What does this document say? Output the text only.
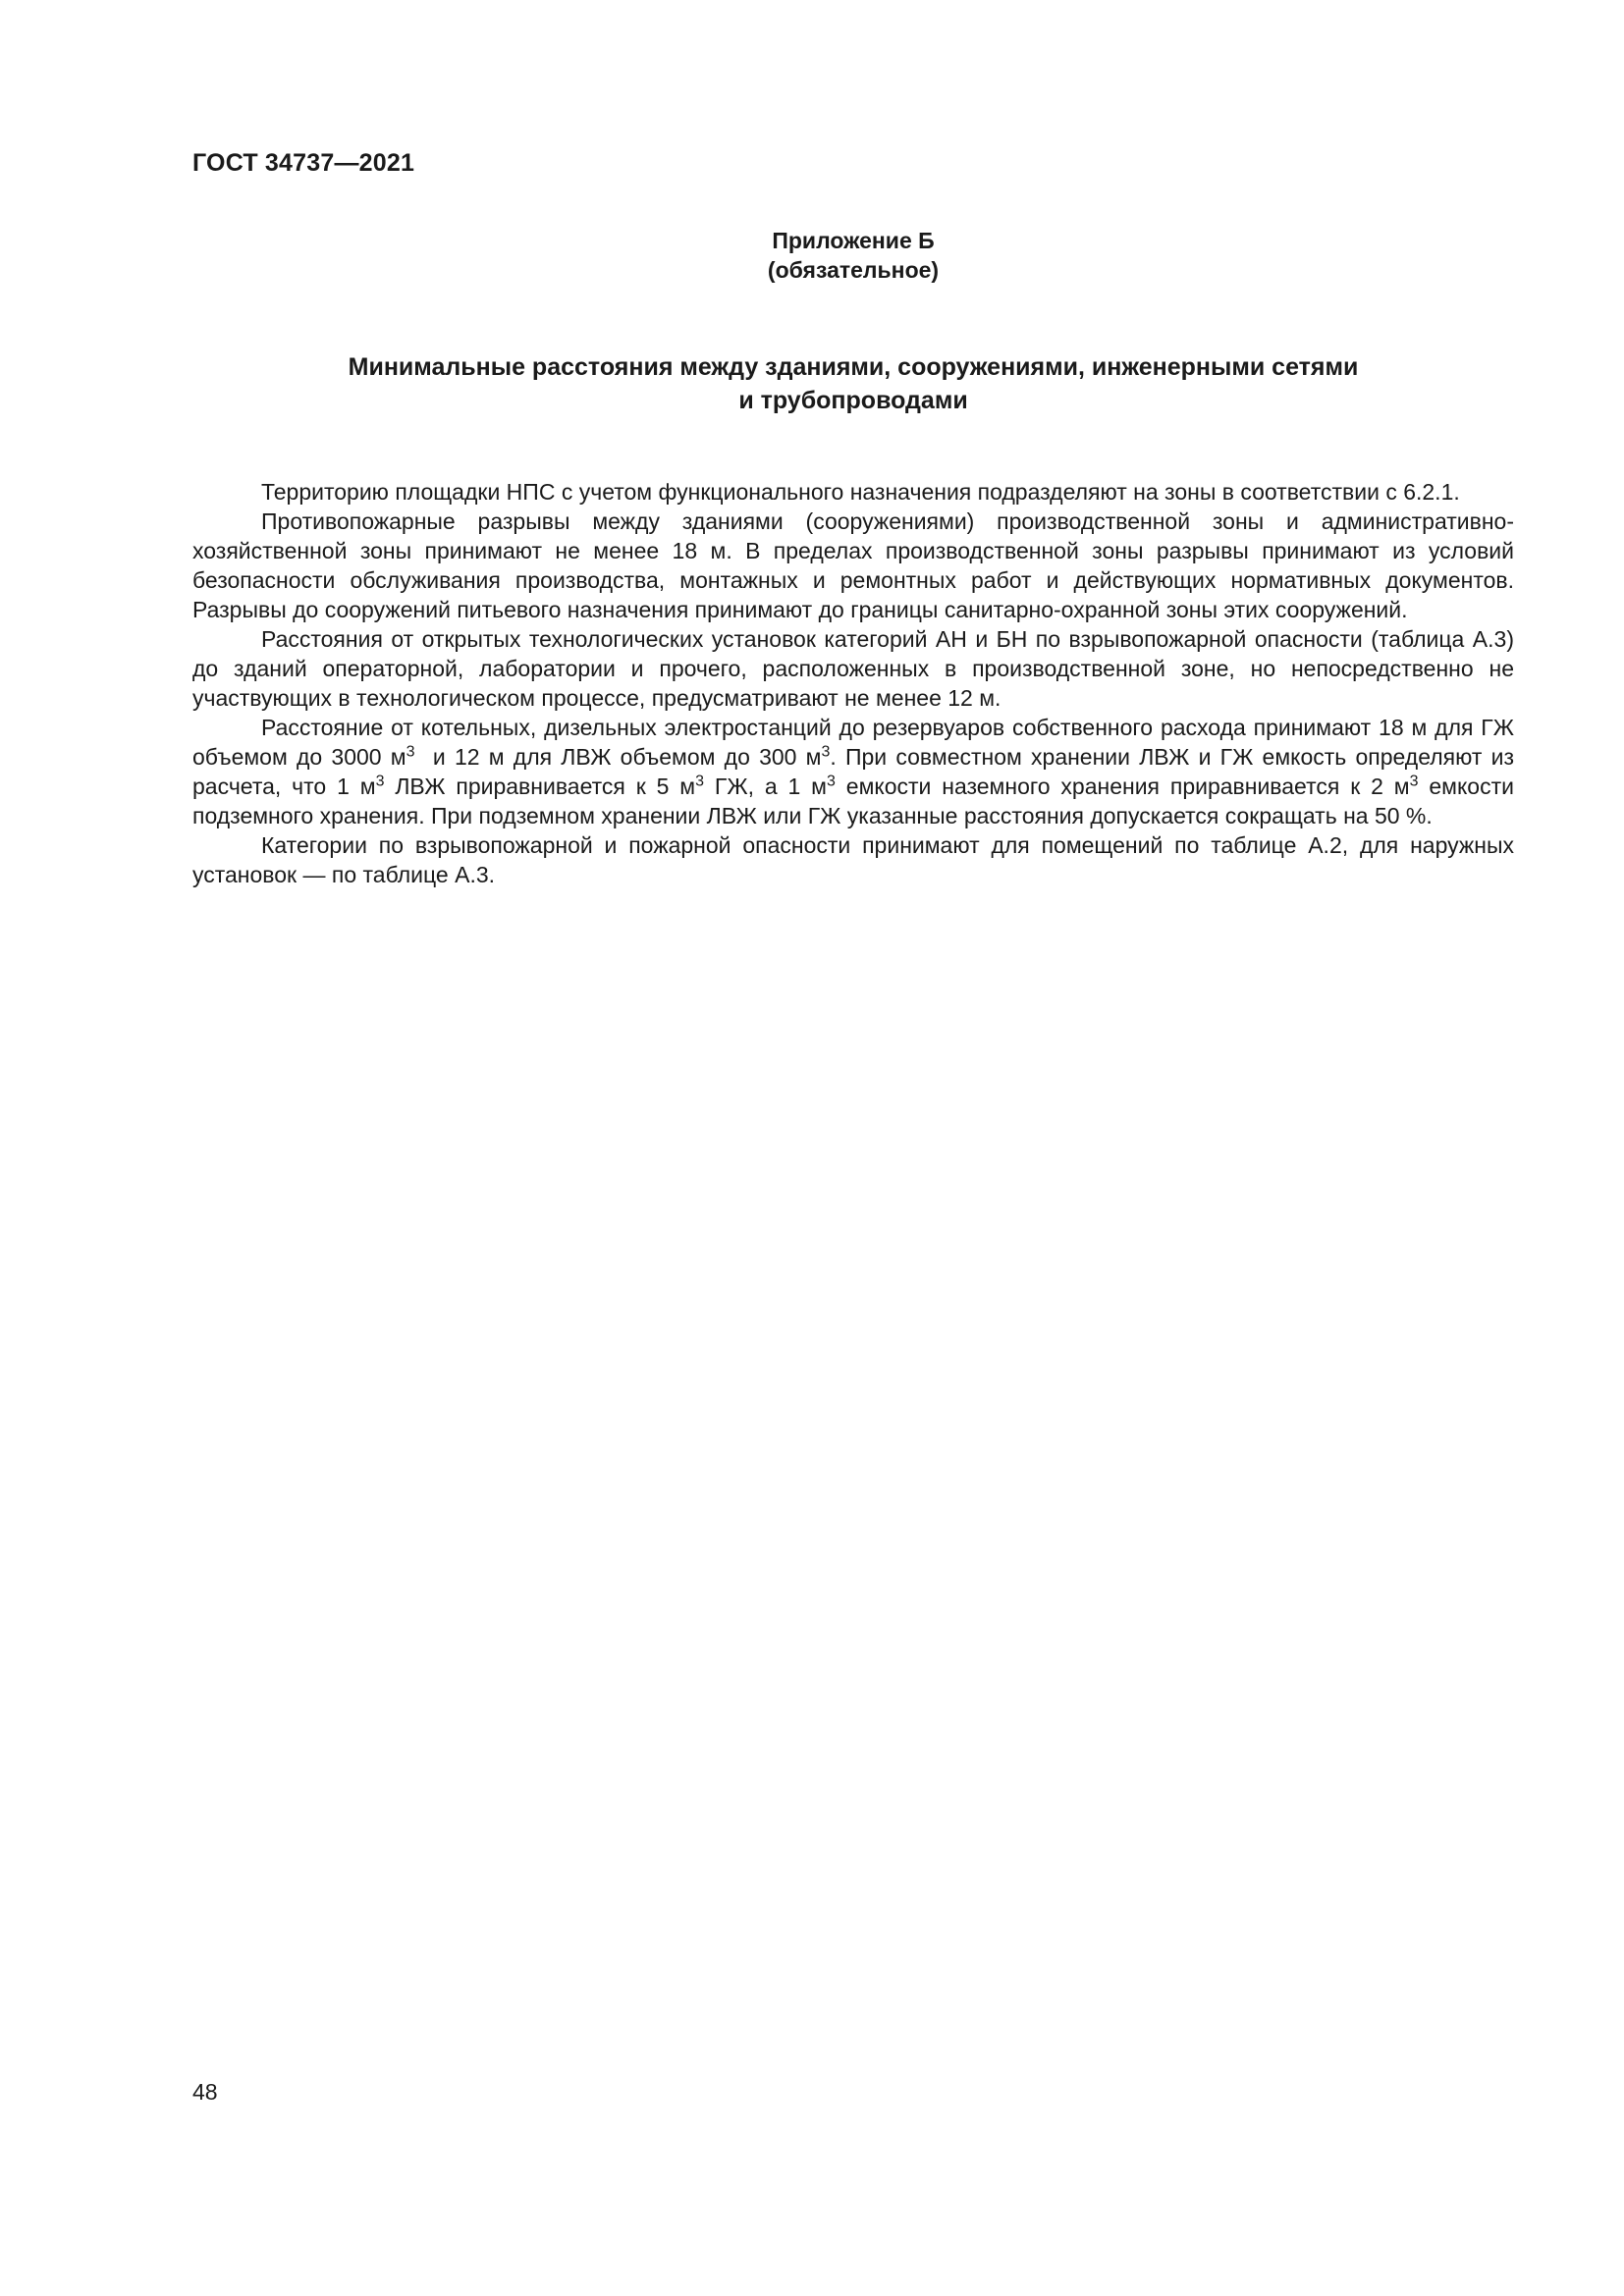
ГОСТ 34737—2021
Приложение Б
(обязательное)
Минимальные расстояния между зданиями, сооружениями, инженерными сетями
и трубопроводами

Территорию площадки НПС с учетом функционального назначения подразделяют на зоны в соответствии с 6.2.1.

Противопожарные разрывы между зданиями (сооружениями) производственной зоны и административно-хозяйственной зоны принимают не менее 18 м. В пределах производственной зоны разрывы принимают из условий безопасности обслуживания производства, монтажных и ремонтных работ и действующих нормативных документов. Разрывы до сооружений питьевого назначения принимают до границы санитарно-охранной зоны этих сооружений.

Расстояния от открытых технологических установок категорий АН и БН по взрывопожарной опасности (таблица А.3) до зданий операторной, лаборатории и прочего, расположенных в производственной зоне, но непосредственно не участвующих в технологическом процессе, предусматривают не менее 12 м.

Расстояние от котельных, дизельных электростанций до резервуаров собственного расхода принимают 18 м для ГЖ объемом до 3000 $м^3$  и 12 м для ЛВЖ объемом до 300 $м^3$. При совместном хранении ЛВЖ и ГЖ емкость определяют из расчета, что 1 $м^3$ ЛВЖ приравнивается к 5 $м^3$ ГЖ, а 1 $м^3$ емкости наземного хранения приравнивается к 2 $м^3$ емкости подземного хранения. При подземном хранении ЛВЖ или ГЖ указанные расстояния допускается сокращать на 50 %.

Категории по взрывопожарной и пожарной опасности принимают для помещений по таблице А.2, для наружных установок — по таблице А.3.

48
